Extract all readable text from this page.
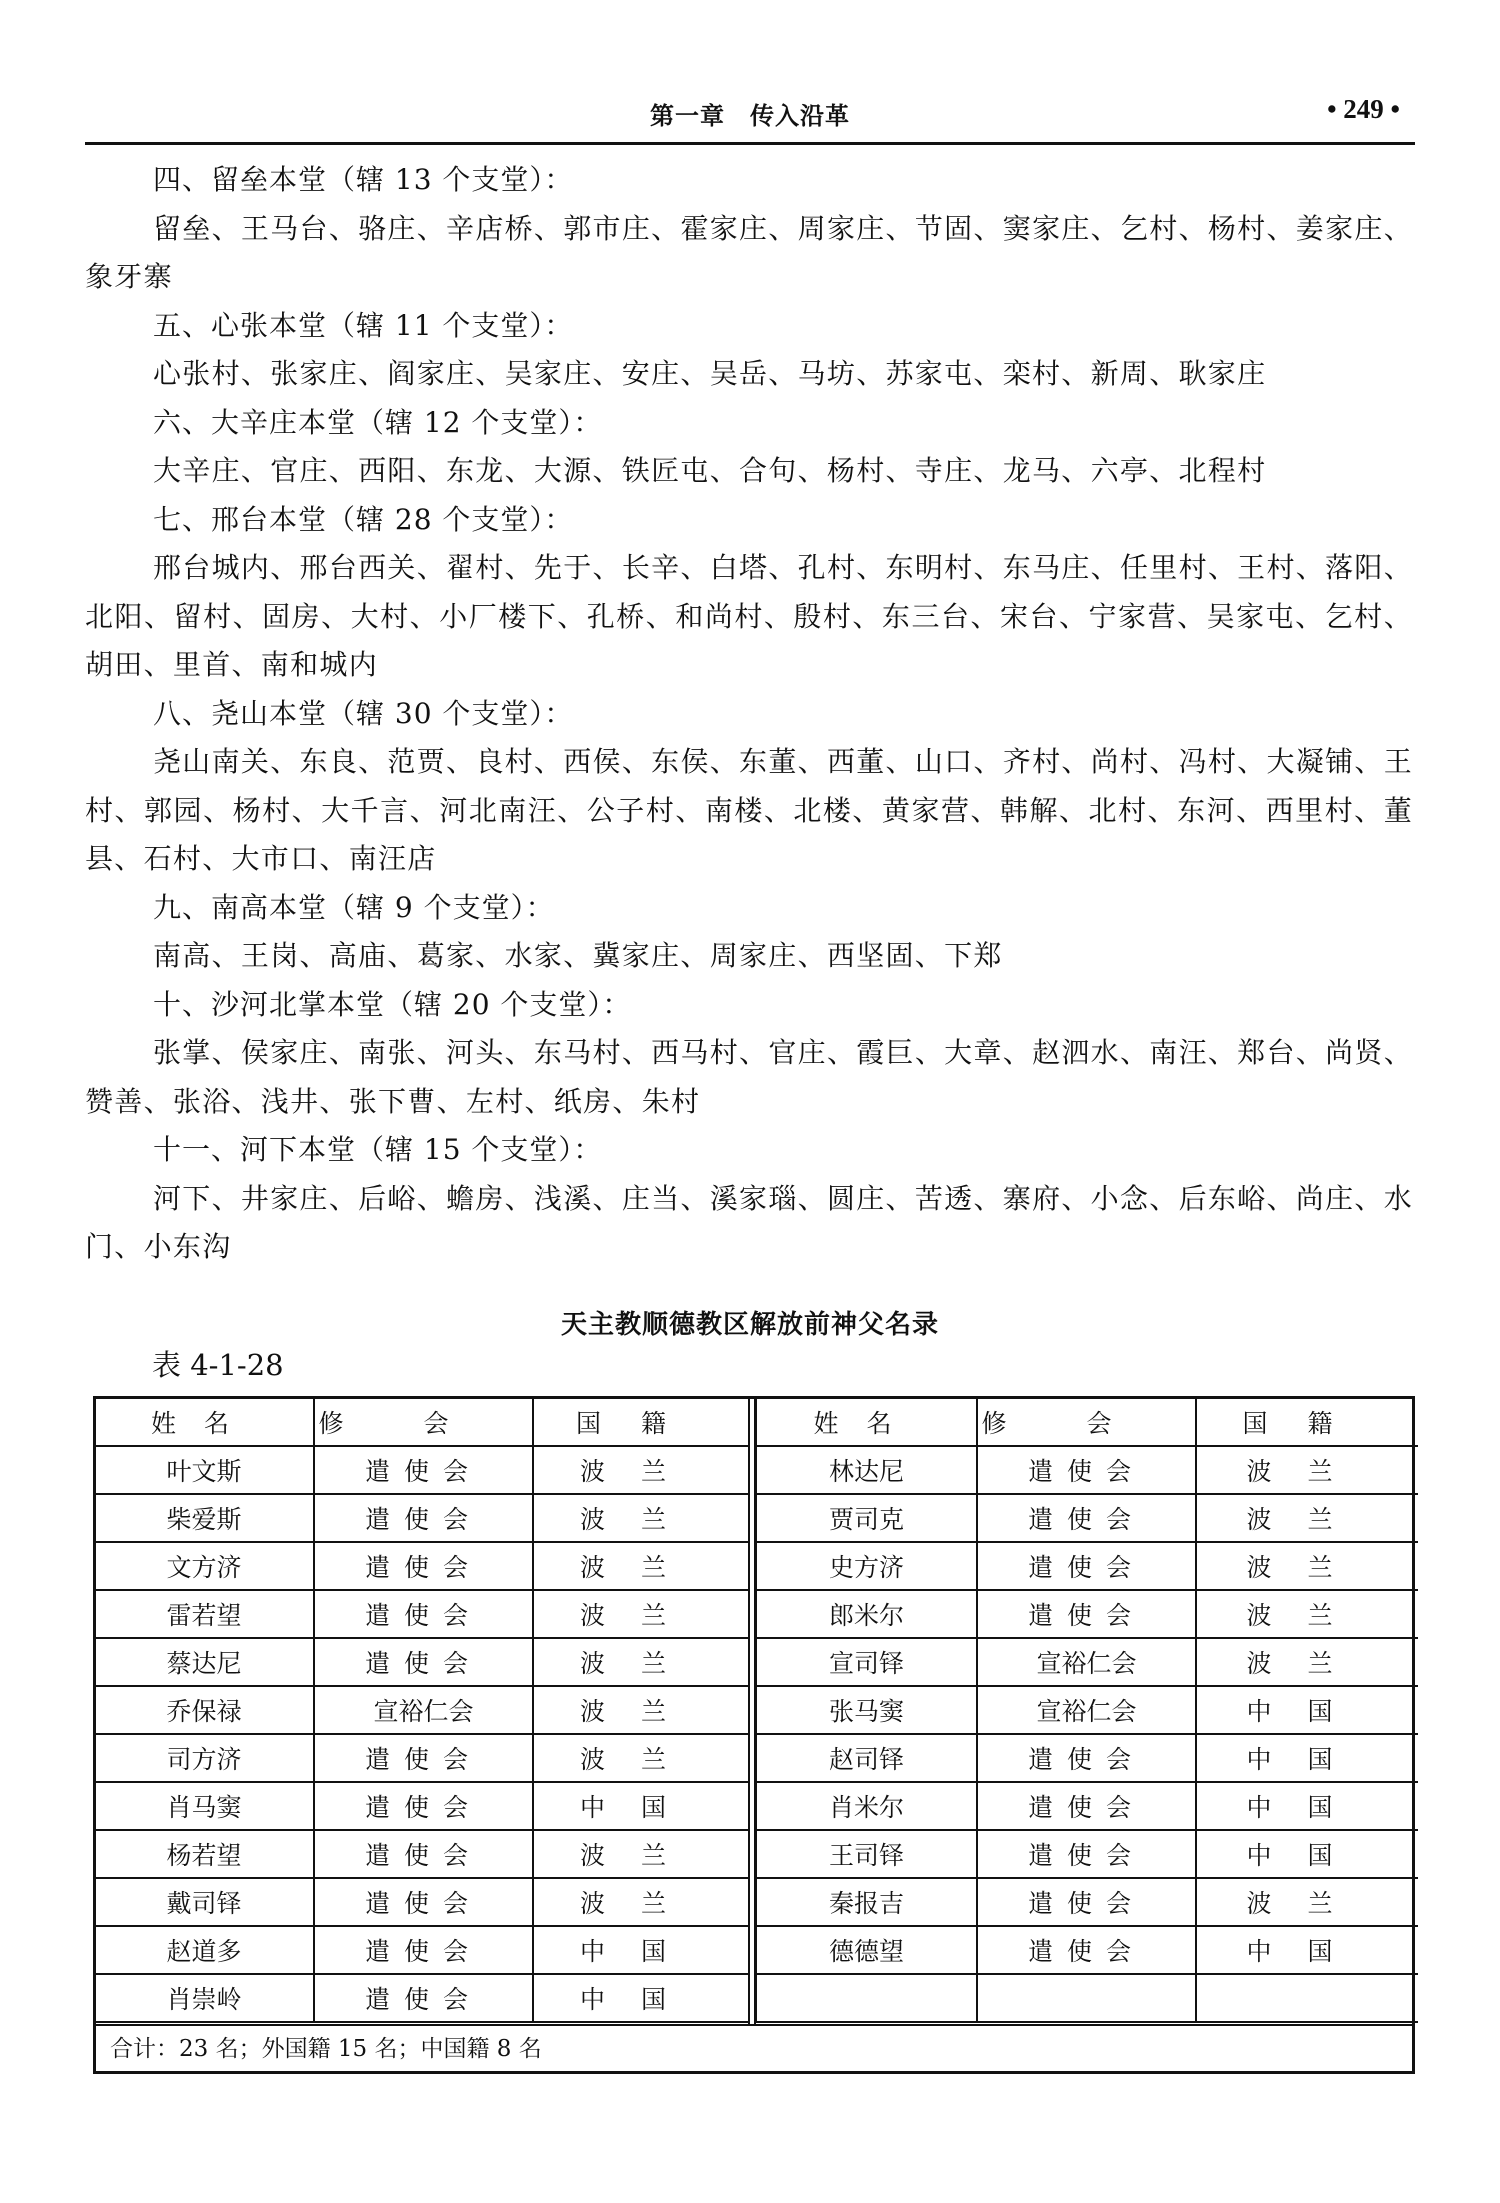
第一章　传入沿革	• 249 •

四、留垒本堂（辖 13 个支堂）：

留垒、王马台、骆庄、辛店桥、郭市庄、霍家庄、周家庄、节固、窦家庄、乞村、杨村、姜家庄、象牙寨

五、心张本堂（辖 11 个支堂）：

心张村、张家庄、阎家庄、吴家庄、安庄、吴岳、马坊、苏家屯、栾村、新周、耿家庄

六、大辛庄本堂（辖 12 个支堂）：

大辛庄、官庄、西阳、东龙、大源、铁匠屯、合句、杨村、寺庄、龙马、六亭、北程村

七、邢台本堂（辖 28 个支堂）：

邢台城内、邢台西关、翟村、先于、长辛、白塔、孔村、东明村、东马庄、任里村、王村、落阳、北阳、留村、固房、大村、小厂楼下、孔桥、和尚村、殷村、东三台、宋台、宁家营、吴家屯、乞村、胡田、里首、南和城内

八、尧山本堂（辖 30 个支堂）：

尧山南关、东良、范贾、良村、西侯、东侯、东董、西董、山口、齐村、尚村、冯村、大凝铺、王村、郭园、杨村、大千言、河北南汪、公子村、南楼、北楼、黄家营、韩解、北村、东河、西里村、董县、石村、大市口、南汪店

九、南高本堂（辖 9 个支堂）：

南高、王岗、高庙、葛家、水家、冀家庄、周家庄、西坚固、下郑

十、沙河北掌本堂（辖 20 个支堂）：

张掌、侯家庄、南张、河头、东马村、西马村、官庄、霞巨、大章、赵泗水、南汪、郑台、尚贤、赞善、张浴、浅井、张下曹、左村、纸房、朱村

十一、河下本堂（辖 15 个支堂）：

河下、井家庄、后峪、蟾房、浅溪、庄当、溪家瑙、圆庄、苦透、寨府、小念、后东峪、尚庄、水门、小东沟

天主教顺德教区解放前神父名录
表 4-1-28
姓名	修会	国籍
叶文斯	遣使会	波兰
柴爱斯	遣使会	波兰
文方济	遣使会	波兰
雷若望	遣使会	波兰
蔡达尼	遣使会	波兰
乔保禄	宣裕仁会	波兰
司方济	遣使会	波兰
肖马窦	遣使会	中国
杨若望	遣使会	波兰
戴司铎	遣使会	波兰
赵道多	遣使会	中国
肖崇岭	遣使会	中国
姓名	修会	国籍
林达尼	遣使会	波兰
贾司克	遣使会	波兰
史方济	遣使会	波兰
郎米尔	遣使会	波兰
宣司铎	宣裕仁会	波兰
张马窦	宣裕仁会	中国
赵司铎	遣使会	中国
肖米尔	遣使会	中国
王司铎	遣使会	中国
秦报吉	遣使会	波兰
德德望	遣使会	中国

合计：23 名；外国籍 15 名；中国籍 8 名
